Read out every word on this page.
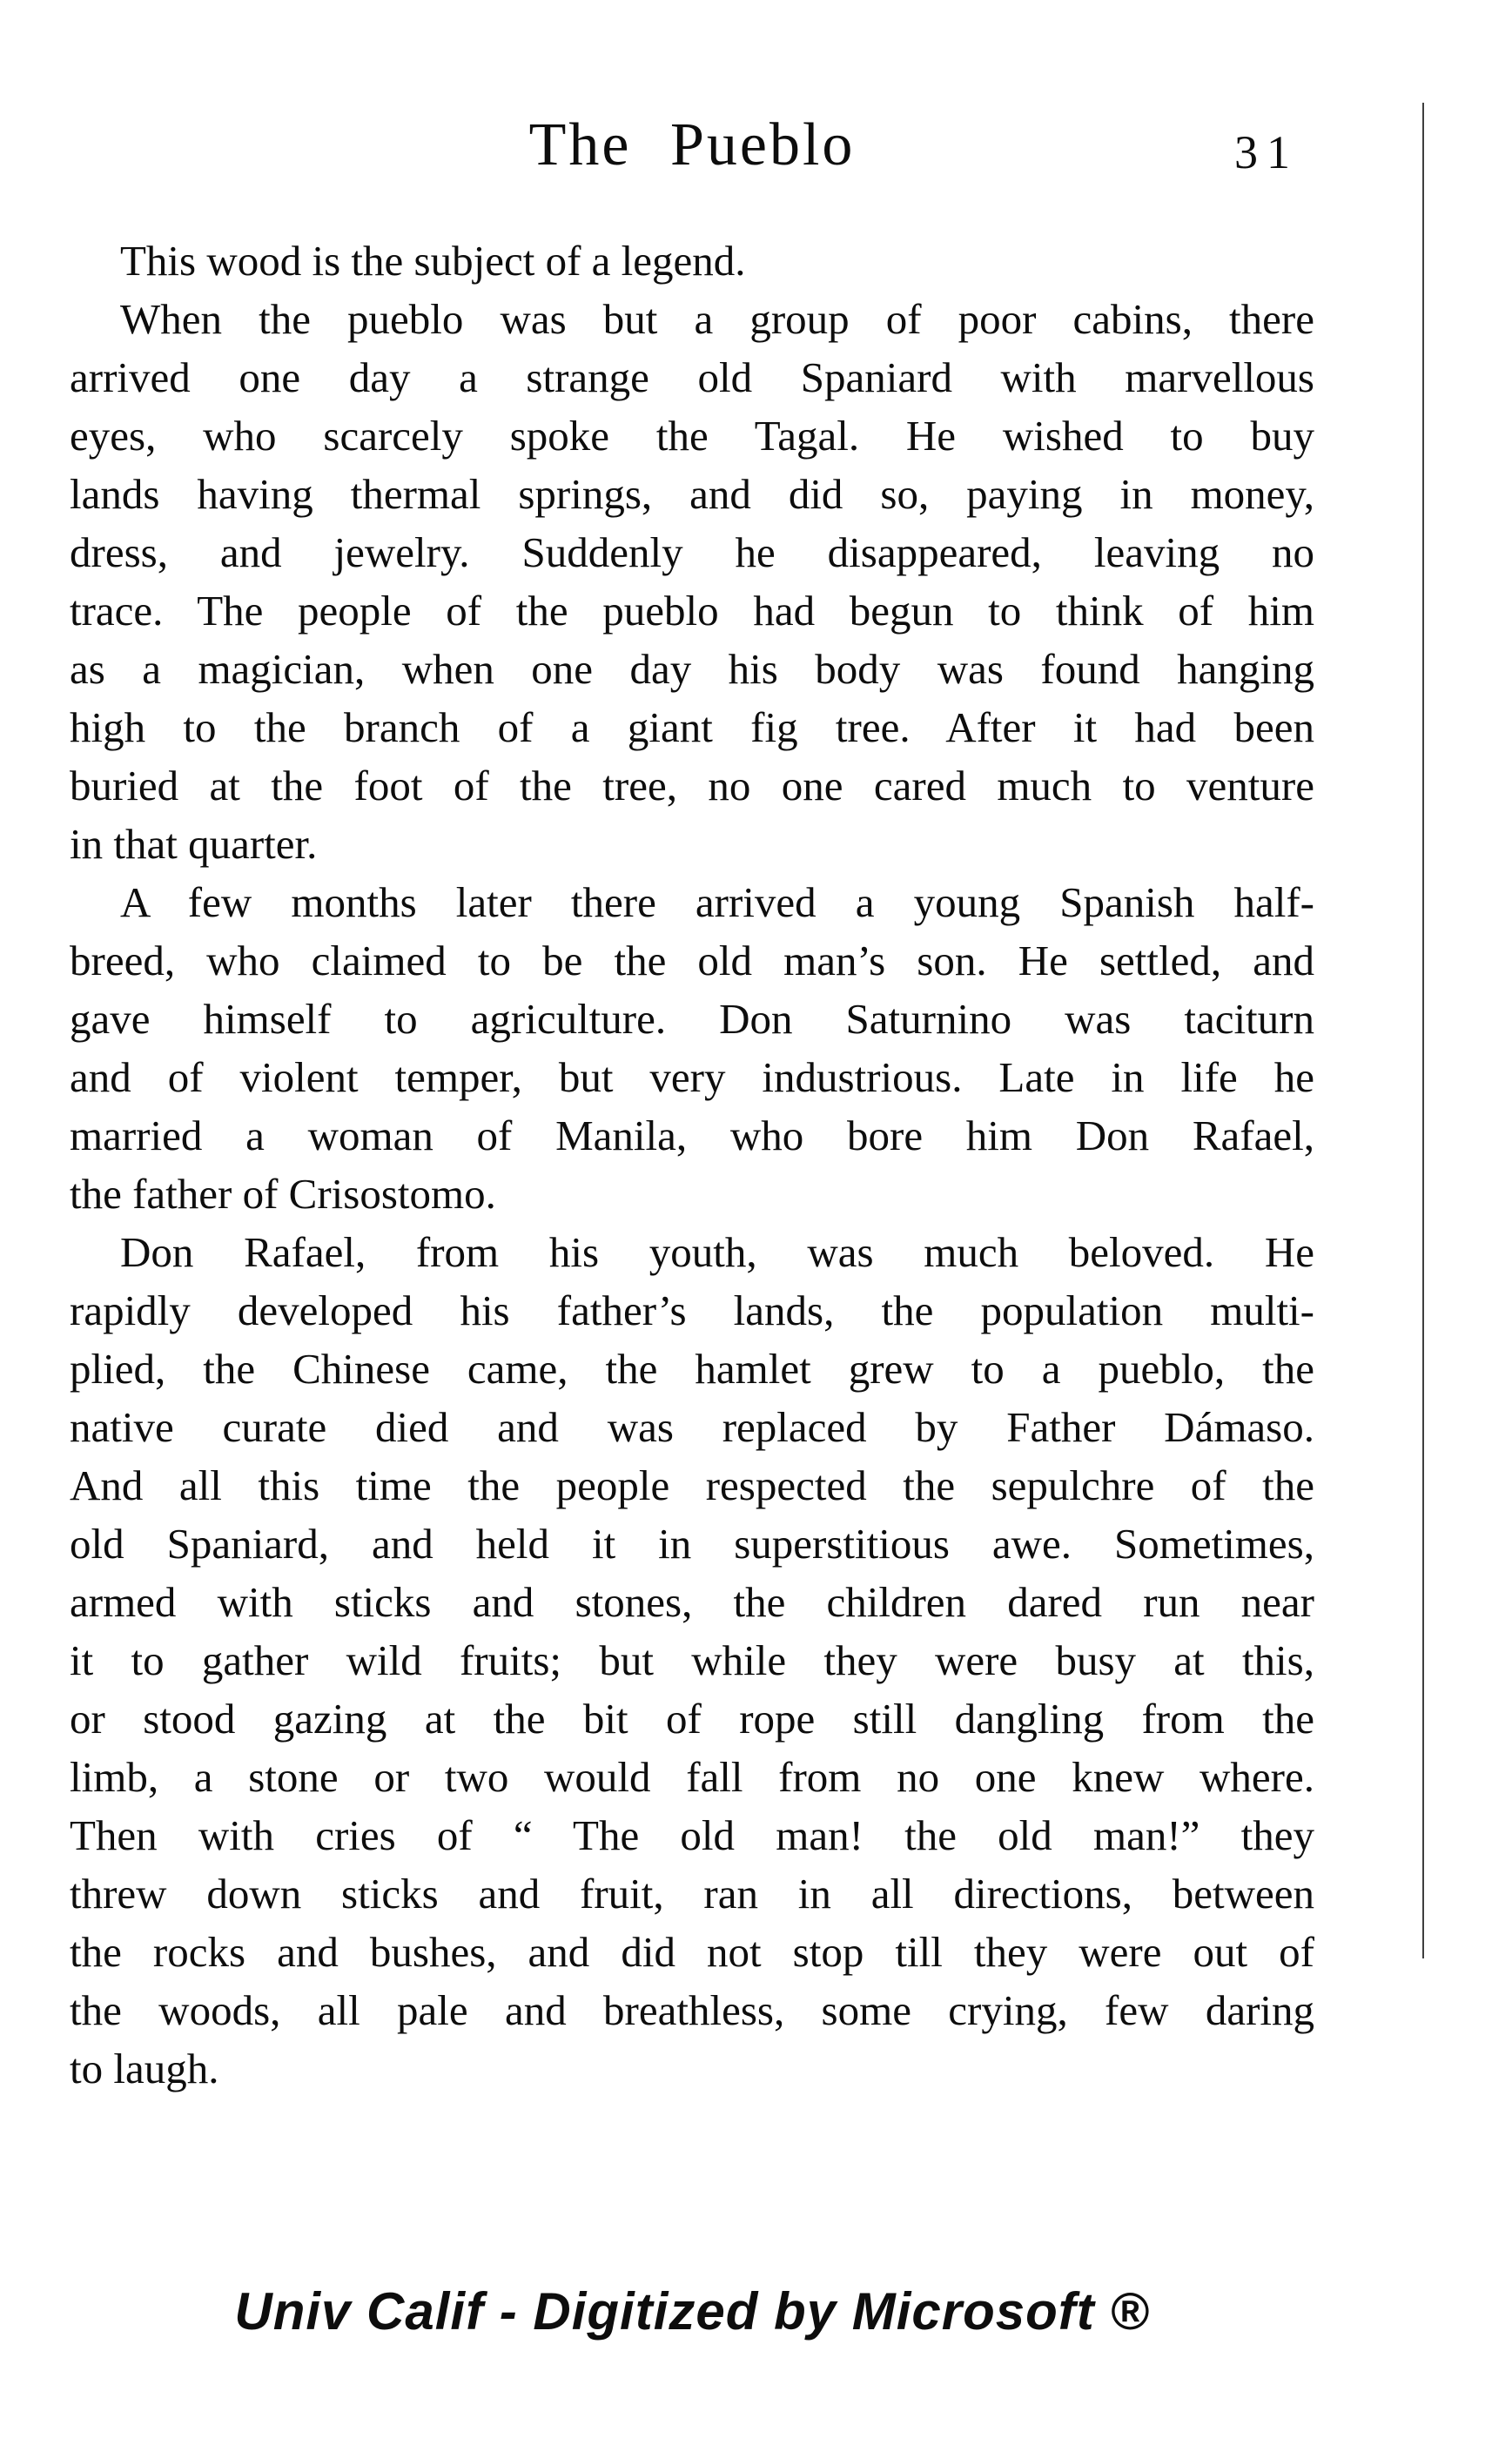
The Pueblo	31
This wood is the subject of a legend.
When the pueblo was but a group of poor cabins, there
arrived one day a strange old Spaniard with marvellous
eyes, who scarcely spoke the Tagal. He wished to buy
lands having thermal springs, and did so, paying in money,
dress, and jewelry. Suddenly he disappeared, leaving no
trace. The people of the pueblo had begun to think of him
as a magician, when one day his body was found hanging
high to the branch of a giant fig tree. After it had been
buried at the foot of the tree, no one cared much to venture
in that quarter.
A few months later there arrived a young Spanish half-
breed, who claimed to be the old man’s son. He settled, and
gave himself to agriculture. Don Saturnino was taciturn
and of violent temper, but very industrious. Late in life he
married a woman of Manila, who bore him Don Rafael,
the father of Crisostomo.
Don Rafael, from his youth, was much beloved. He
rapidly developed his father’s lands, the population multi-
plied, the Chinese came, the hamlet grew to a pueblo, the
native curate died and was replaced by Father Dámaso.
And all this time the people respected the sepulchre of the
old Spaniard, and held it in superstitious awe. Sometimes,
armed with sticks and stones, the children dared run near
it to gather wild fruits; but while they were busy at this,
or stood gazing at the bit of rope still dangling from the
limb, a stone or two would fall from no one knew where.
Then with cries of “ The old man! the old man!” they
threw down sticks and fruit, ran in all directions, between
the rocks and bushes, and did not stop till they were out of
the woods, all pale and breathless, some crying, few daring
to laugh.
Univ Calif - Digitized by Microsoft ®
